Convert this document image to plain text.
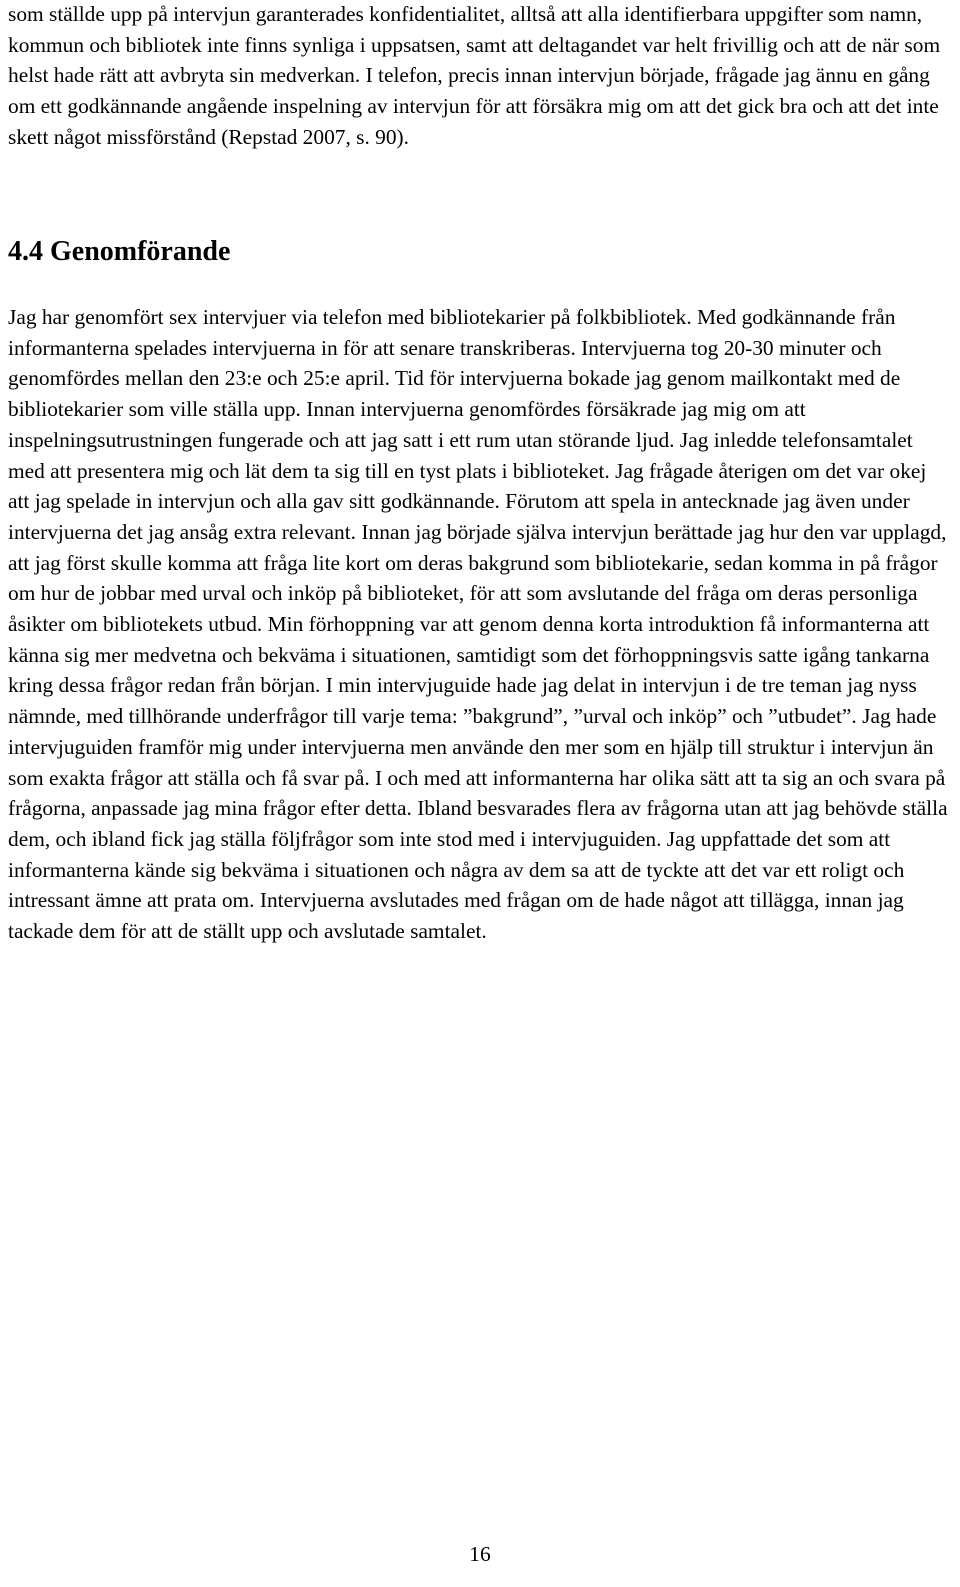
som ställde upp på intervjun garanterades konfidentialitet, alltså att alla identifierbara uppgifter som namn, kommun och bibliotek inte finns synliga i uppsatsen, samt att deltagandet var helt frivillig och att de när som helst hade rätt att avbryta sin medverkan. I telefon, precis innan intervjun började, frågade jag ännu en gång om ett godkännande angående inspelning av intervjun för att försäkra mig om att det gick bra och att det inte skett något missförstånd (Repstad 2007, s. 90).

4.4 Genomförande

Jag har genomfört sex intervjuer via telefon med bibliotekarier på folkbibliotek. Med godkännande från informanterna spelades intervjuerna in för att senare transkriberas. Intervjuerna tog 20-30 minuter och genomfördes mellan den 23:e och 25:e april. Tid för intervjuerna bokade jag genom mailkontakt med de bibliotekarier som ville ställa upp. Innan intervjuerna genomfördes försäkrade jag mig om att inspelningsutrustningen fungerade och att jag satt i ett rum utan störande ljud. Jag inledde telefonsamtalet med att presentera mig och lät dem ta sig till en tyst plats i biblioteket. Jag frågade återigen om det var okej att jag spelade in intervjun och alla gav sitt godkännande. Förutom att spela in antecknade jag även under intervjuerna det jag ansåg extra relevant. Innan jag började själva intervjun berättade jag hur den var upplagd, att jag först skulle komma att fråga lite kort om deras bakgrund som bibliotekarie, sedan komma in på frågor om hur de jobbar med urval och inköp på biblioteket, för att som avslutande del fråga om deras personliga åsikter om bibliotekets utbud. Min förhoppning var att genom denna korta introduktion få informanterna att känna sig mer medvetna och bekväma i situationen, samtidigt som det förhoppningsvis satte igång tankarna kring dessa frågor redan från början. I min intervjuguide hade jag delat in intervjun i de tre teman jag nyss nämnde, med tillhörande underfrågor till varje tema: ”bakgrund”, ”urval och inköp” och ”utbudet”. Jag hade intervjuguiden framför mig under intervjuerna men använde den mer som en hjälp till struktur i intervjun än som exakta frågor att ställa och få svar på. I och med att informanterna har olika sätt att ta sig an och svara på frågorna, anpassade jag mina frågor efter detta. Ibland besvarades flera av frågorna utan att jag behövde ställa dem, och ibland fick jag ställa följfrågor som inte stod med i intervjuguiden. Jag uppfattade det som att informanterna kände sig bekväma i situationen och några av dem sa att de tyckte att det var ett roligt och intressant ämne att prata om. Intervjuerna avslutades med frågan om de hade något att tillägga, innan jag tackade dem för att de ställt upp och avslutade samtalet.

16
